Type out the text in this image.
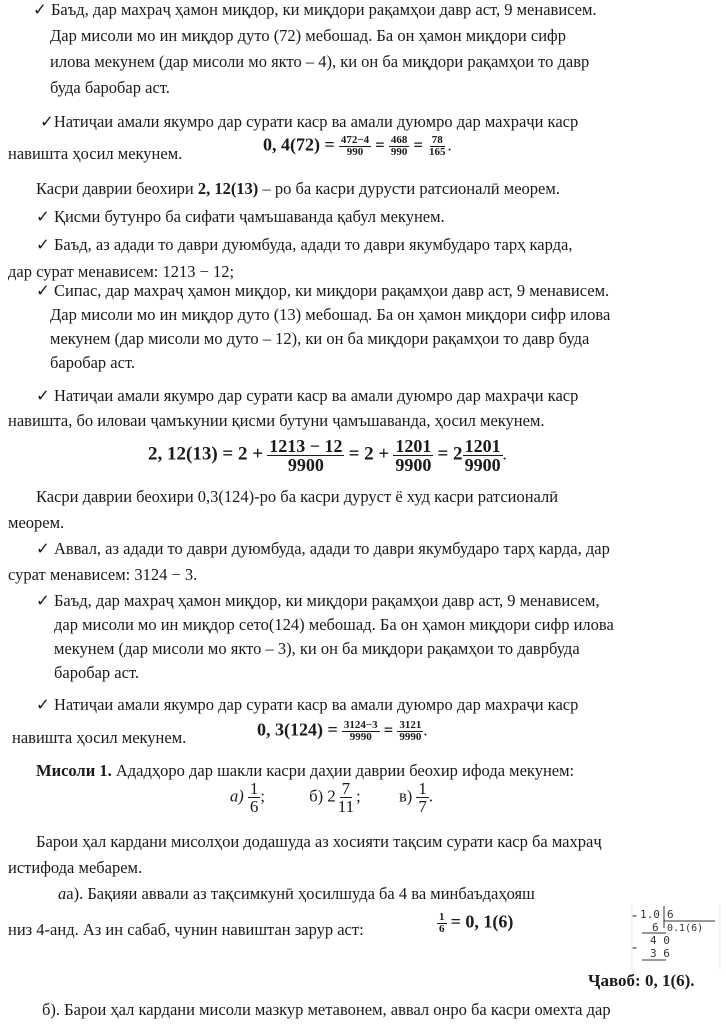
✓ Баъд, дар махраҷ ҳамон миқдор, ки миқдори рақамҳои давр аст, 9 менависем.
Дар мисоли мо ин миқдор дуто (72) мебошад. Ба он ҳамон миқдори сифр
илова мекунем (дар мисоли мо якто – 4), ки он ба миқдори рақамҳои то давр
буда баробар аст.
✓Натиҷаи амали якумро дар сурати каср ва амали дуюмро дар махраҷи каср
навишта ҳосил мекунем.	0, $4(72) = \frac{472-4}{990} = \frac{468}{990} = \frac{78}{165}$ .
Касри даврии беохири 2, 12(13) – ро ба касри дурусти ратсионалӣ меорем.
✓ Қисми бутунро ба сифати ҷамъшаванда қабул мекунем.
✓ Баъд, аз адади то даври дуюмбуда, адади то даври якумбударо тарҳ карда,
дар сурат менависем: 1213 − 12;
✓ Сипас, дар махраҷ ҳамон миқдор, ки миқдори рақамҳои давр аст, 9 менависем.
Дар мисоли мо ин миқдор дуто (13) мебошад. Ба он ҳамон миқдори сифр илова
мекунем (дар мисоли мо дуто – 12), ки он ба миқдори рақамҳои то давр буда
баробар аст.
✓ Натиҷаи амали якумро дар сурати каср ва амали дуюмро дар махраҷи каср
навишта, бо иловаи ҷамъкунии қисми бутуни ҷамъшаванда, ҳосил мекунем.
2, $12(13) = 2 + \frac{1213 - 12}{9900} = 2 + \frac{1201}{9900} = 2 \frac{1201}{9900}$ .
Касри даврии беохири 0,3(124)-ро ба касри дуруст ё худ касри ратсионалӣ
меорем.
✓ Аввал, аз адади то даври дуюмбуда, адади то даври якумбударо тарҳ карда, дар
сурат менависем: 3124 − 3.
✓ Баъд, дар махраҷ ҳамон миқдор, ки миқдори рақамҳои давр аст, 9 менависем,
дар мисоли мо ин миқдор сето(124) мебошад. Ба он ҳамон миқдори сифр илова
мекунем (дар мисоли мо якто – 3), ки он ба миқдори рақамҳои то даврбуда
баробар аст.
✓ Натиҷаи амали якумро дар сурати каср ва амали дуюмро дар махраҷи каср
навишта ҳосил мекунем.	0, $3(124) = \frac{3124-3}{9990} = \frac{3121}{9990}$ .
Мисоли 1. Ададҳоро дар шакли касри даҳии даврии беохир ифода мекунем:
$а) \frac{1}{6}$ ;	б) $2 \frac{7}{11}$ ; $в) \frac{1}{7}$ .
Барои ҳал кардани мисолҳои додашуда аз хосияти тақсим сурати каср ба махраҷ
истифода мебарем.
аа). Бақияи аввали аз тақсимкунӣ ҳосилшуда ба 4 ва минбаъдаҳояш
низ 4-анд. Аз ин сабаб, чунин навиштан зарур аст:	$\frac{1}{6} = 0$, 1(6)	- 1.0 6
6 0.1(6)
- 4 0
3 6
Ҷавоб: 0, 1(6).
б). Барои ҳал кардани мисоли мазкур метавонем, аввал онро ба касри омехта дар
